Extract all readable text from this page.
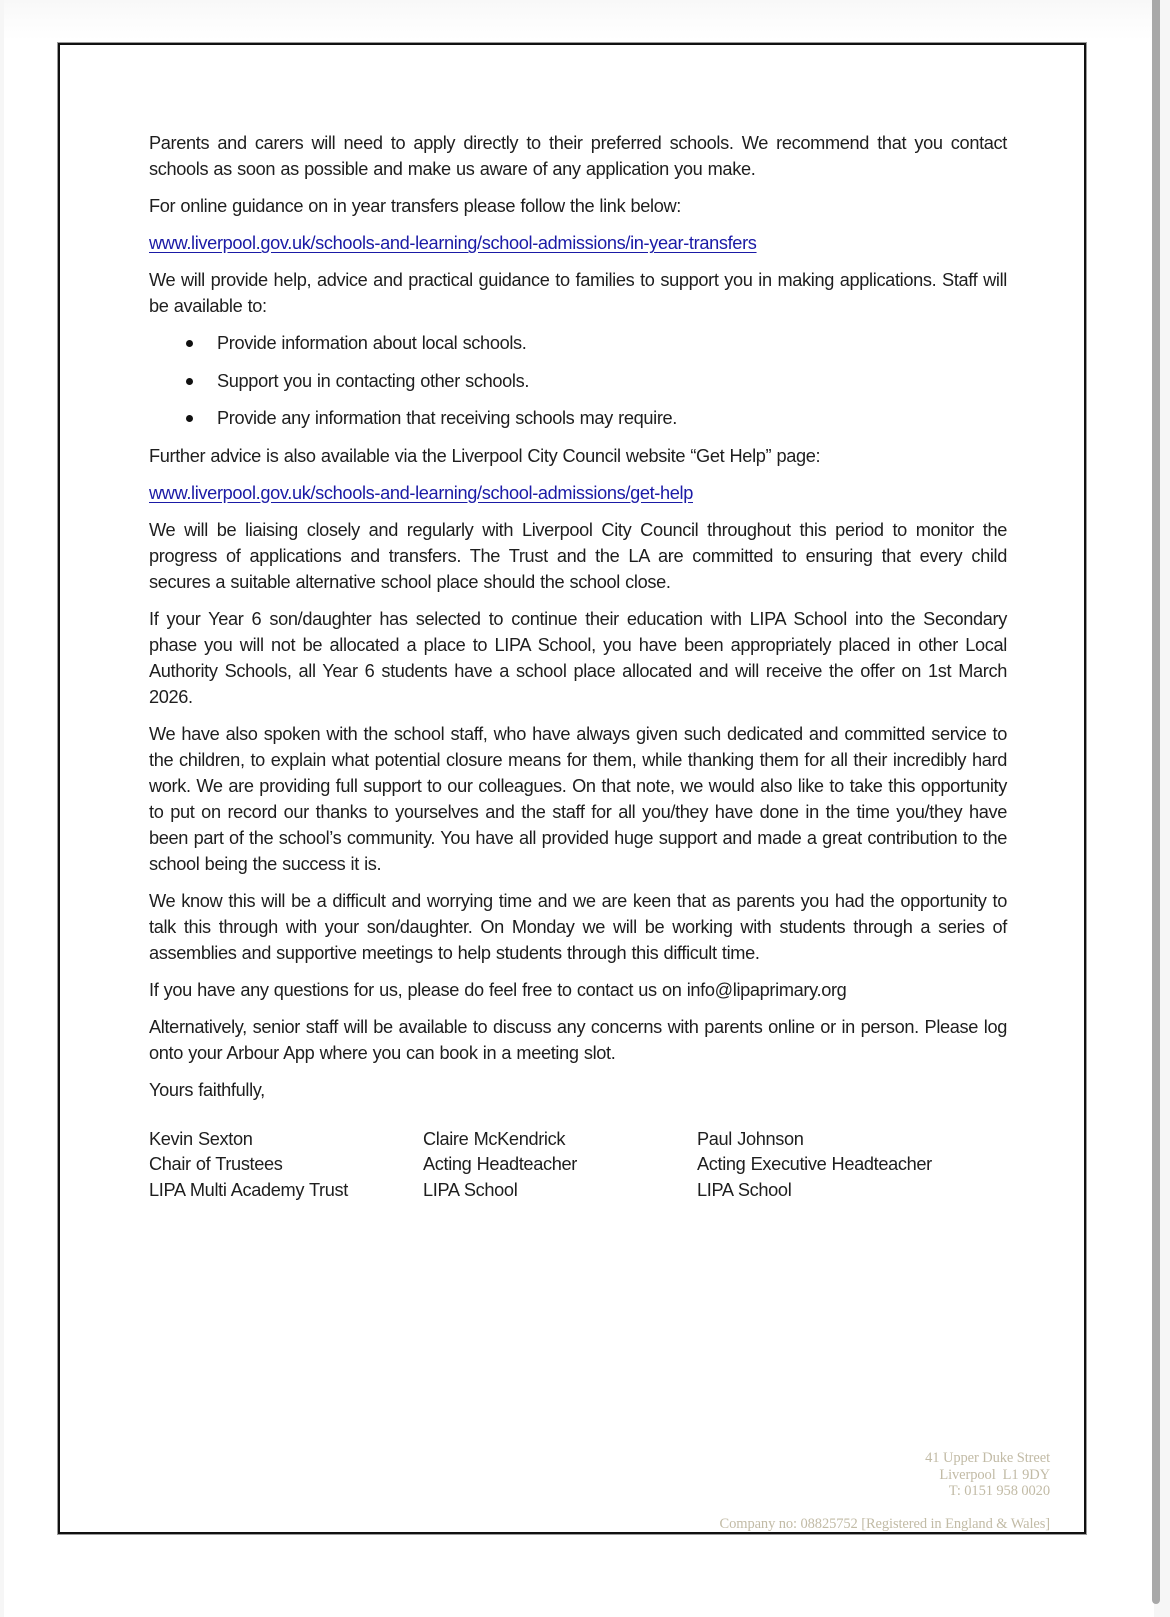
Parents and carers will need to apply directly to their preferred schools. We recommend that you contact schools as soon as possible and make us aware of any application you make.

For online guidance on in year transfers please follow the link below:

www.liverpool.gov.uk/schools-and-learning/school-admissions/in-year-transfers

We will provide help, advice and practical guidance to families to support you in making applications. Staff will be available to:

Provide information about local schools.
Support you in contacting other schools.
Provide any information that receiving schools may require.

Further advice is also available via the Liverpool City Council website “Get Help” page:

www.liverpool.gov.uk/schools-and-learning/school-admissions/get-help

We will be liaising closely and regularly with Liverpool City Council throughout this period to monitor the progress of applications and transfers. The Trust and the LA are committed to ensuring that every child secures a suitable alternative school place should the school close.

If your Year 6 son/daughter has selected to continue their education with LIPA School into the Secondary phase you will not be allocated a place to LIPA School, you have been appropriately placed in other Local Authority Schools, all Year 6 students have a school place allocated and will receive the offer on 1st March 2026.

We have also spoken with the school staff, who have always given such dedicated and committed service to the children, to explain what potential closure means for them, while thanking them for all their incredibly hard work. We are providing full support to our colleagues. On that note, we would also like to take this opportunity to put on record our thanks to yourselves and the staff for all you/they have done in the time you/they have been part of the school’s community. You have all provided huge support and made a great contribution to the school being the success it is.

We know this will be a difficult and worrying time and we are keen that as parents you had the opportunity to talk this through with your son/daughter. On Monday we will be working with students through a series of assemblies and supportive meetings to help students through this difficult time.

If you have any questions for us, please do feel free to contact us on info@lipaprimary.org

Alternatively, senior staff will be available to discuss any concerns with parents online or in person. Please log onto your Arbour App where you can book in a meeting slot.

Yours faithfully,

Kevin Sexton
Chair of Trustees
LIPA Multi Academy Trust
Claire McKendrick
Acting Headteacher
LIPA School
Paul Johnson
Acting Executive Headteacher
LIPA School
41 Upper Duke Street
Liverpool  L1 9DY
T: 0151 958 0020
Company no: 08825752 [Registered in England & Wales]
